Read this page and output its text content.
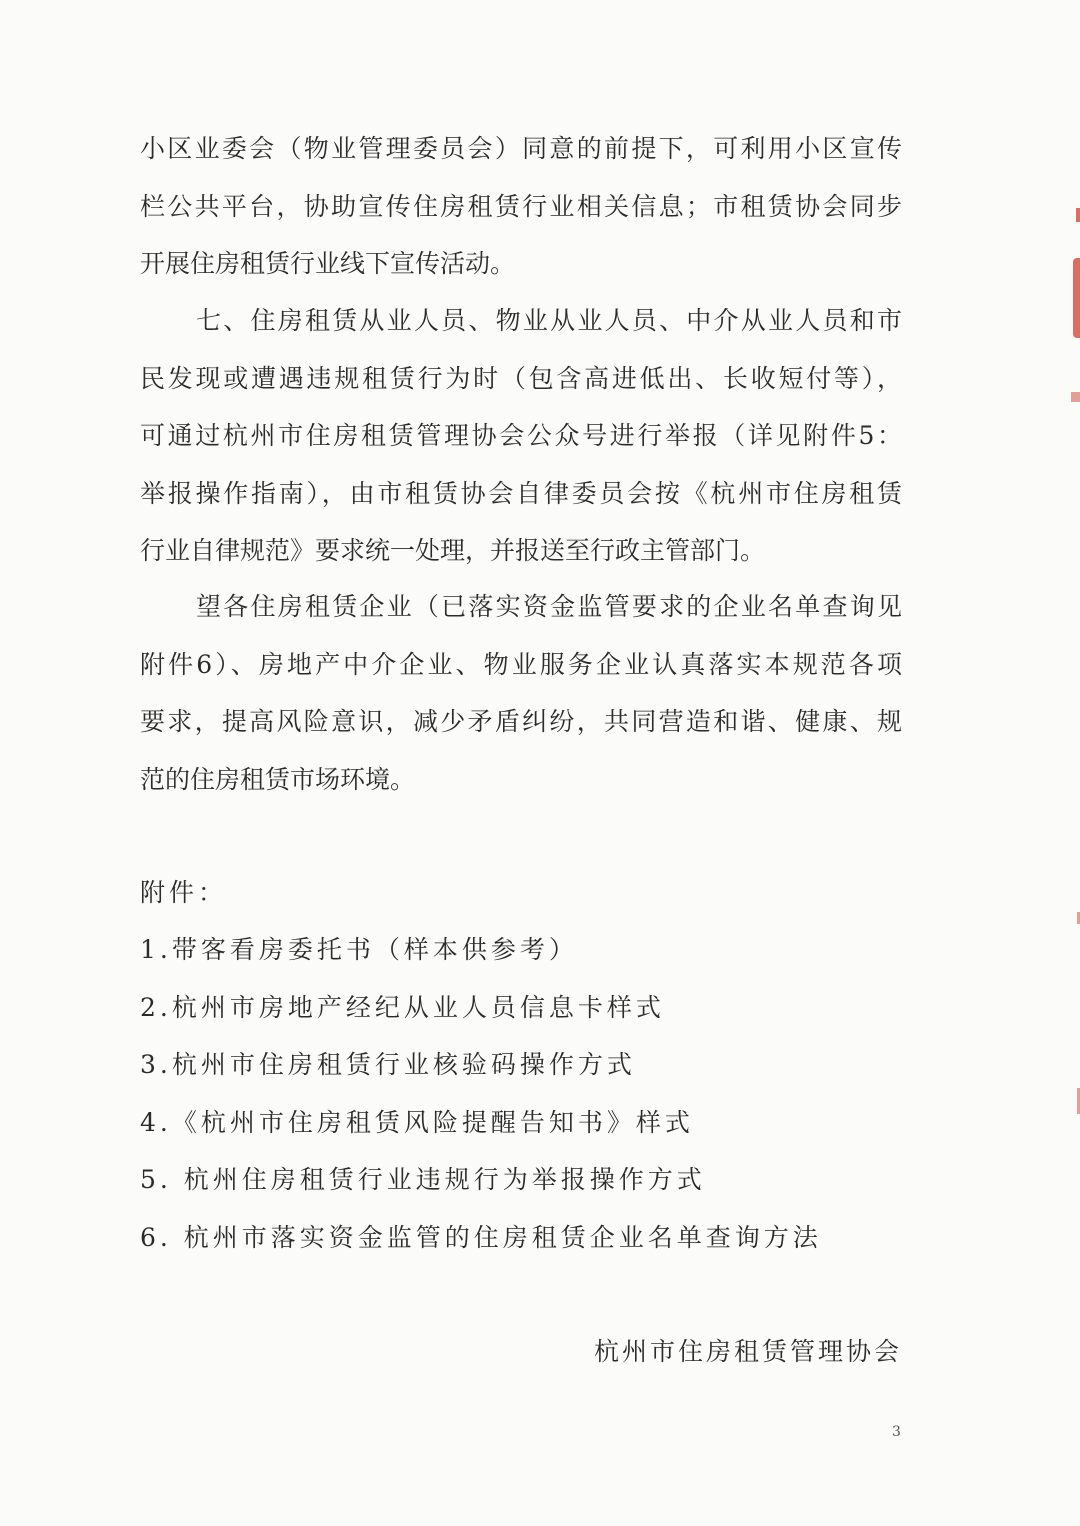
小区业委会（物业管理委员会）同意的前提下，可利用小区宣传
栏公共平台，协助宣传住房租赁行业相关信息；市租赁协会同步
开展住房租赁行业线下宣传活动。
七、住房租赁从业人员、物业从业人员、中介从业人员和市
民发现或遭遇违规租赁行为时（包含高进低出、长收短付等），
可通过杭州市住房租赁管理协会公众号进行举报（详见附件5：
举报操作指南），由市租赁协会自律委员会按《杭州市住房租赁
行业自律规范》要求统一处理，并报送至行政主管部门。
望各住房租赁企业（已落实资金监管要求的企业名单查询见
附件6）、房地产中介企业、物业服务企业认真落实本规范各项
要求，提高风险意识，减少矛盾纠纷，共同营造和谐、健康、规
范的住房租赁市场环境。

附件：

1.带客看房委托书（样本供参考）
2.杭州市房地产经纪从业人员信息卡样式
3.杭州市住房租赁行业核验码操作方式
4.《杭州市住房租赁风险提醒告知书》样式
5. 杭州住房租赁行业违规行为举报操作方式
6. 杭州市落实资金监管的住房租赁企业名单查询方法

杭州市住房租赁管理协会

3
